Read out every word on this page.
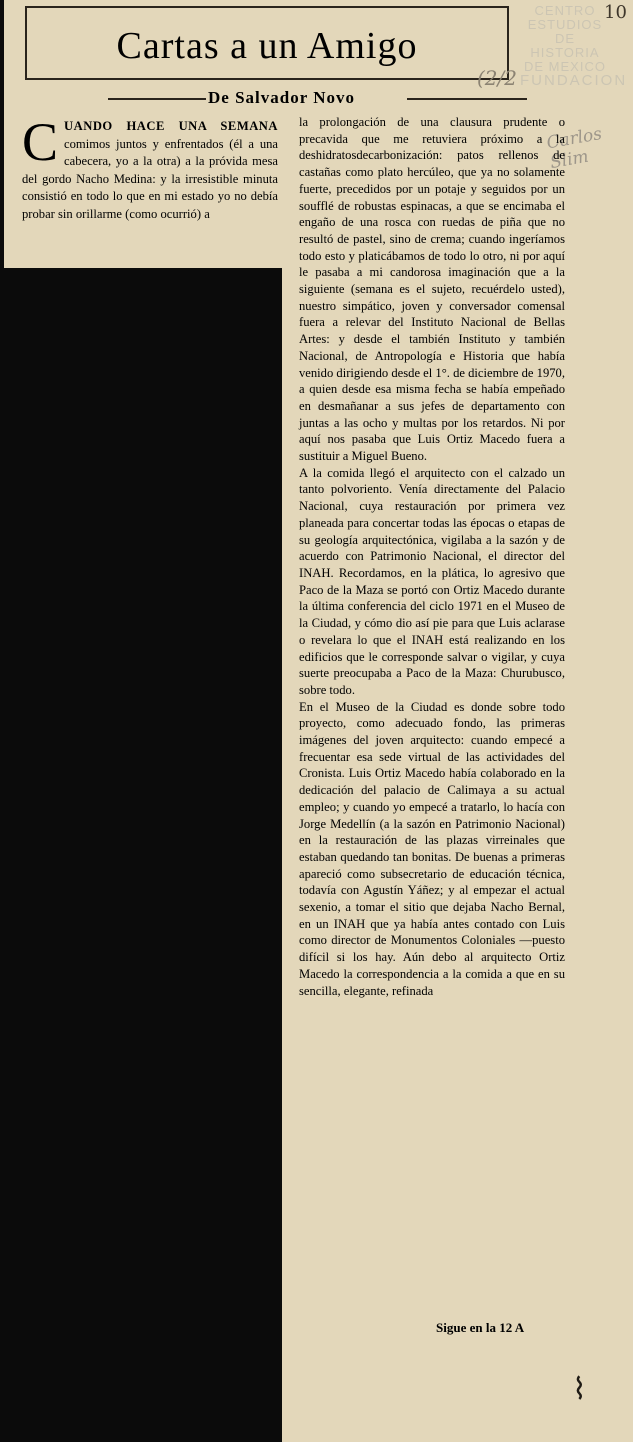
Cartas a un Amigo
De Salvador Novo
CENTRO
ESTUDIOS
DE HISTORIA
DE MEXICO
FUNDACION
10
(2/2
Carlos Slim
C UANDO HACE UNA SEMANA comimos juntos y enfrentados (él a una cabecera, yo a la otra) a la próvida mesa del gordo Nacho Medina: y la irresistible minuta consistió en todo lo que en mi estado yo no debía probar sin orillarme (como ocurrió) a

la prolongación de una clausura prudente o precavida que me retuviera próximo a la deshidratosdecarbonización: patos rellenos de castañas como plato hercúleo, que ya no solamente fuerte, precedidos por un potaje y seguidos por un soufflé de robustas espinacas, a que se encimaba el engaño de una rosca con ruedas de piña que no resultó de pastel, sino de crema; cuando ingeríamos todo esto y platicábamos de todo lo otro, ni por aquí le pasaba a mi candorosa imaginación que a la siguiente (semana es el sujeto, recuérdelo usted), nuestro simpático, joven y conversador comensal fuera a relevar del Instituto Nacional de Bellas Artes: y desde el también Instituto y también Nacional, de Antropología e Historia que había venido dirigiendo desde el 1°. de diciembre de 1970, a quien desde esa misma fecha se había empeñado en desmañanar a sus jefes de departamento con juntas a las ocho y multas por los retardos. Ni por aquí nos pasaba que Luis Ortiz Macedo fuera a sustituir a Miguel Bueno.

A la comida llegó el arquitecto con el calzado un tanto polvoriento. Venía directamente del Palacio Nacional, cuya restauración por primera vez planeada para concertar todas las épocas o etapas de su geología arquitectónica, vigilaba a la sazón y de acuerdo con Patrimonio Nacional, el director del INAH. Recordamos, en la plática, lo agresivo que Paco de la Maza se portó con Ortiz Macedo durante la última conferencia del ciclo 1971 en el Museo de la Ciudad, y cómo dio así pie para que Luis aclarase o revelara lo que el INAH está realizando en los edificios que le corresponde salvar o vigilar, y cuya suerte preocupaba a Paco de la Maza: Churubusco, sobre todo.

En el Museo de la Ciudad es donde sobre todo proyecto, como adecuado fondo, las primeras imágenes del joven arquitecto: cuando empecé a frecuentar esa sede virtual de las actividades del Cronista. Luis Ortiz Macedo había colaborado en la dedicación del palacio de Calimaya a su actual empleo; y cuando yo empecé a tratarlo, lo hacía con Jorge Medellín (a la sazón en Patrimonio Nacional) en la restauración de las plazas virreinales que estaban quedando tan bonitas. De buenas a primeras apareció como subsecretario de educación técnica, todavía con Agustín Yáñez; y al empezar el actual sexenio, a tomar el sitio que dejaba Nacho Bernal, en un INAH que ya había antes contado con Luis como director de Monumentos Coloniales —puesto difícil si los hay. Aún debo al arquitecto Ortiz Macedo la correspondencia a la comida a que en su sencilla, elegante, refinada

Sigue en la 12 A
⌇
